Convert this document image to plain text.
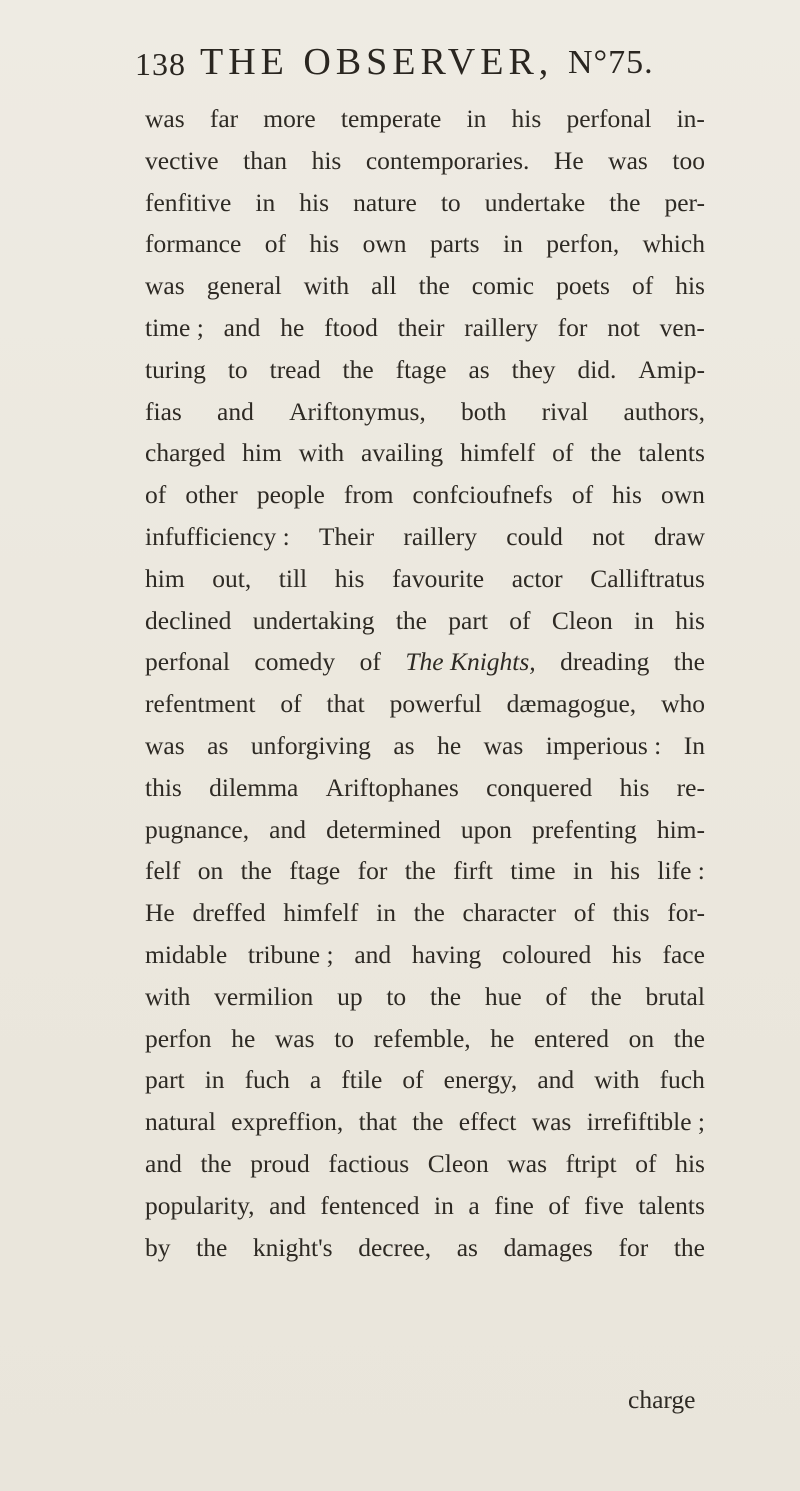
138 THE OBSERVER, N°75.
was far more temperate in his perfonal in-
vective than his contemporaries. He was too
fenfitive in his nature to undertake the per-
formance of his own parts in perfon, which
was general with all the comic poets of his
time ; and he ftood their raillery for not ven-
turing to tread the ftage as they did. Amip-
fias and Ariftonymus, both rival authors,
charged him with availing himfelf of the talents
of other people from confcioufnefs of his own
infufficiency : Their raillery could not draw
him out, till his favourite actor Calliftratus
declined undertaking the part of Cleon in his
perfonal comedy of The Knights, dreading the
refentment of that powerful dæmagogue, who
was as unforgiving as he was imperious : In
this dilemma Ariftophanes conquered his re-
pugnance, and determined upon prefenting him-
felf on the ftage for the firft time in his life :
He dreffed himfelf in the character of this for-
midable tribune ; and having coloured his face
with vermilion up to the hue of the brutal
perfon he was to refemble, he entered on the
part in fuch a ftile of energy, and with fuch
natural expreffion, that the effect was irrefiftible ;
and the proud factious Cleon was ftript of his
popularity, and fentenced in a fine of five talents
by the knight's decree, as damages for the
charge
